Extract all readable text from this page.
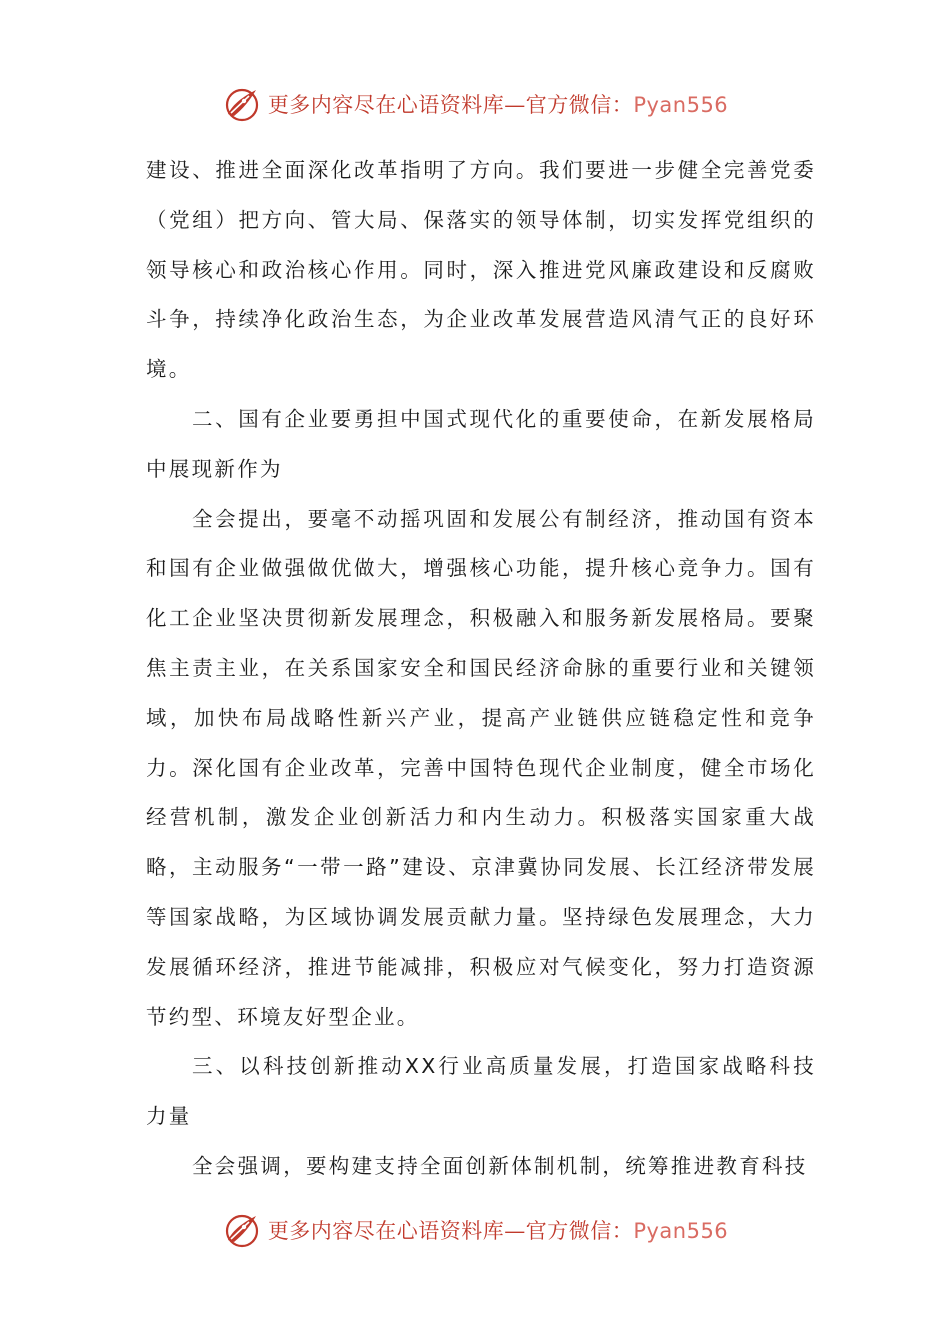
更多内容尽在心语资料库—官方微信：Pyan556

建设、推进全面深化改革指明了方向。我们要进一步健全完善党委（党组）把方向、管大局、保落实的领导体制，切实发挥党组织的领导核心和政治核心作用。同时，深入推进党风廉政建设和反腐败斗争，持续净化政治生态，为企业改革发展营造风清气正的良好环境。

二、国有企业要勇担中国式现代化的重要使命，在新发展格局中展现新作为

全会提出，要毫不动摇巩固和发展公有制经济，推动国有资本和国有企业做强做优做大，增强核心功能，提升核心竞争力。国有化工企业坚决贯彻新发展理念，积极融入和服务新发展格局。要聚焦主责主业，在关系国家安全和国民经济命脉的重要行业和关键领域，加快布局战略性新兴产业，提高产业链供应链稳定性和竞争力。深化国有企业改革，完善中国特色现代企业制度，健全市场化经营机制，激发企业创新活力和内生动力。积极落实国家重大战略，主动服务“一带一路”建设、京津冀协同发展、长江经济带发展等国家战略，为区域协调发展贡献力量。坚持绿色发展理念，大力发展循环经济，推进节能减排，积极应对气候变化，努力打造资源节约型、环境友好型企业。

三、以科技创新推动XX行业高质量发展，打造国家战略科技力量

全会强调，要构建支持全面创新体制机制，统筹推进教育科技

更多内容尽在心语资料库—官方微信：Pyan556
